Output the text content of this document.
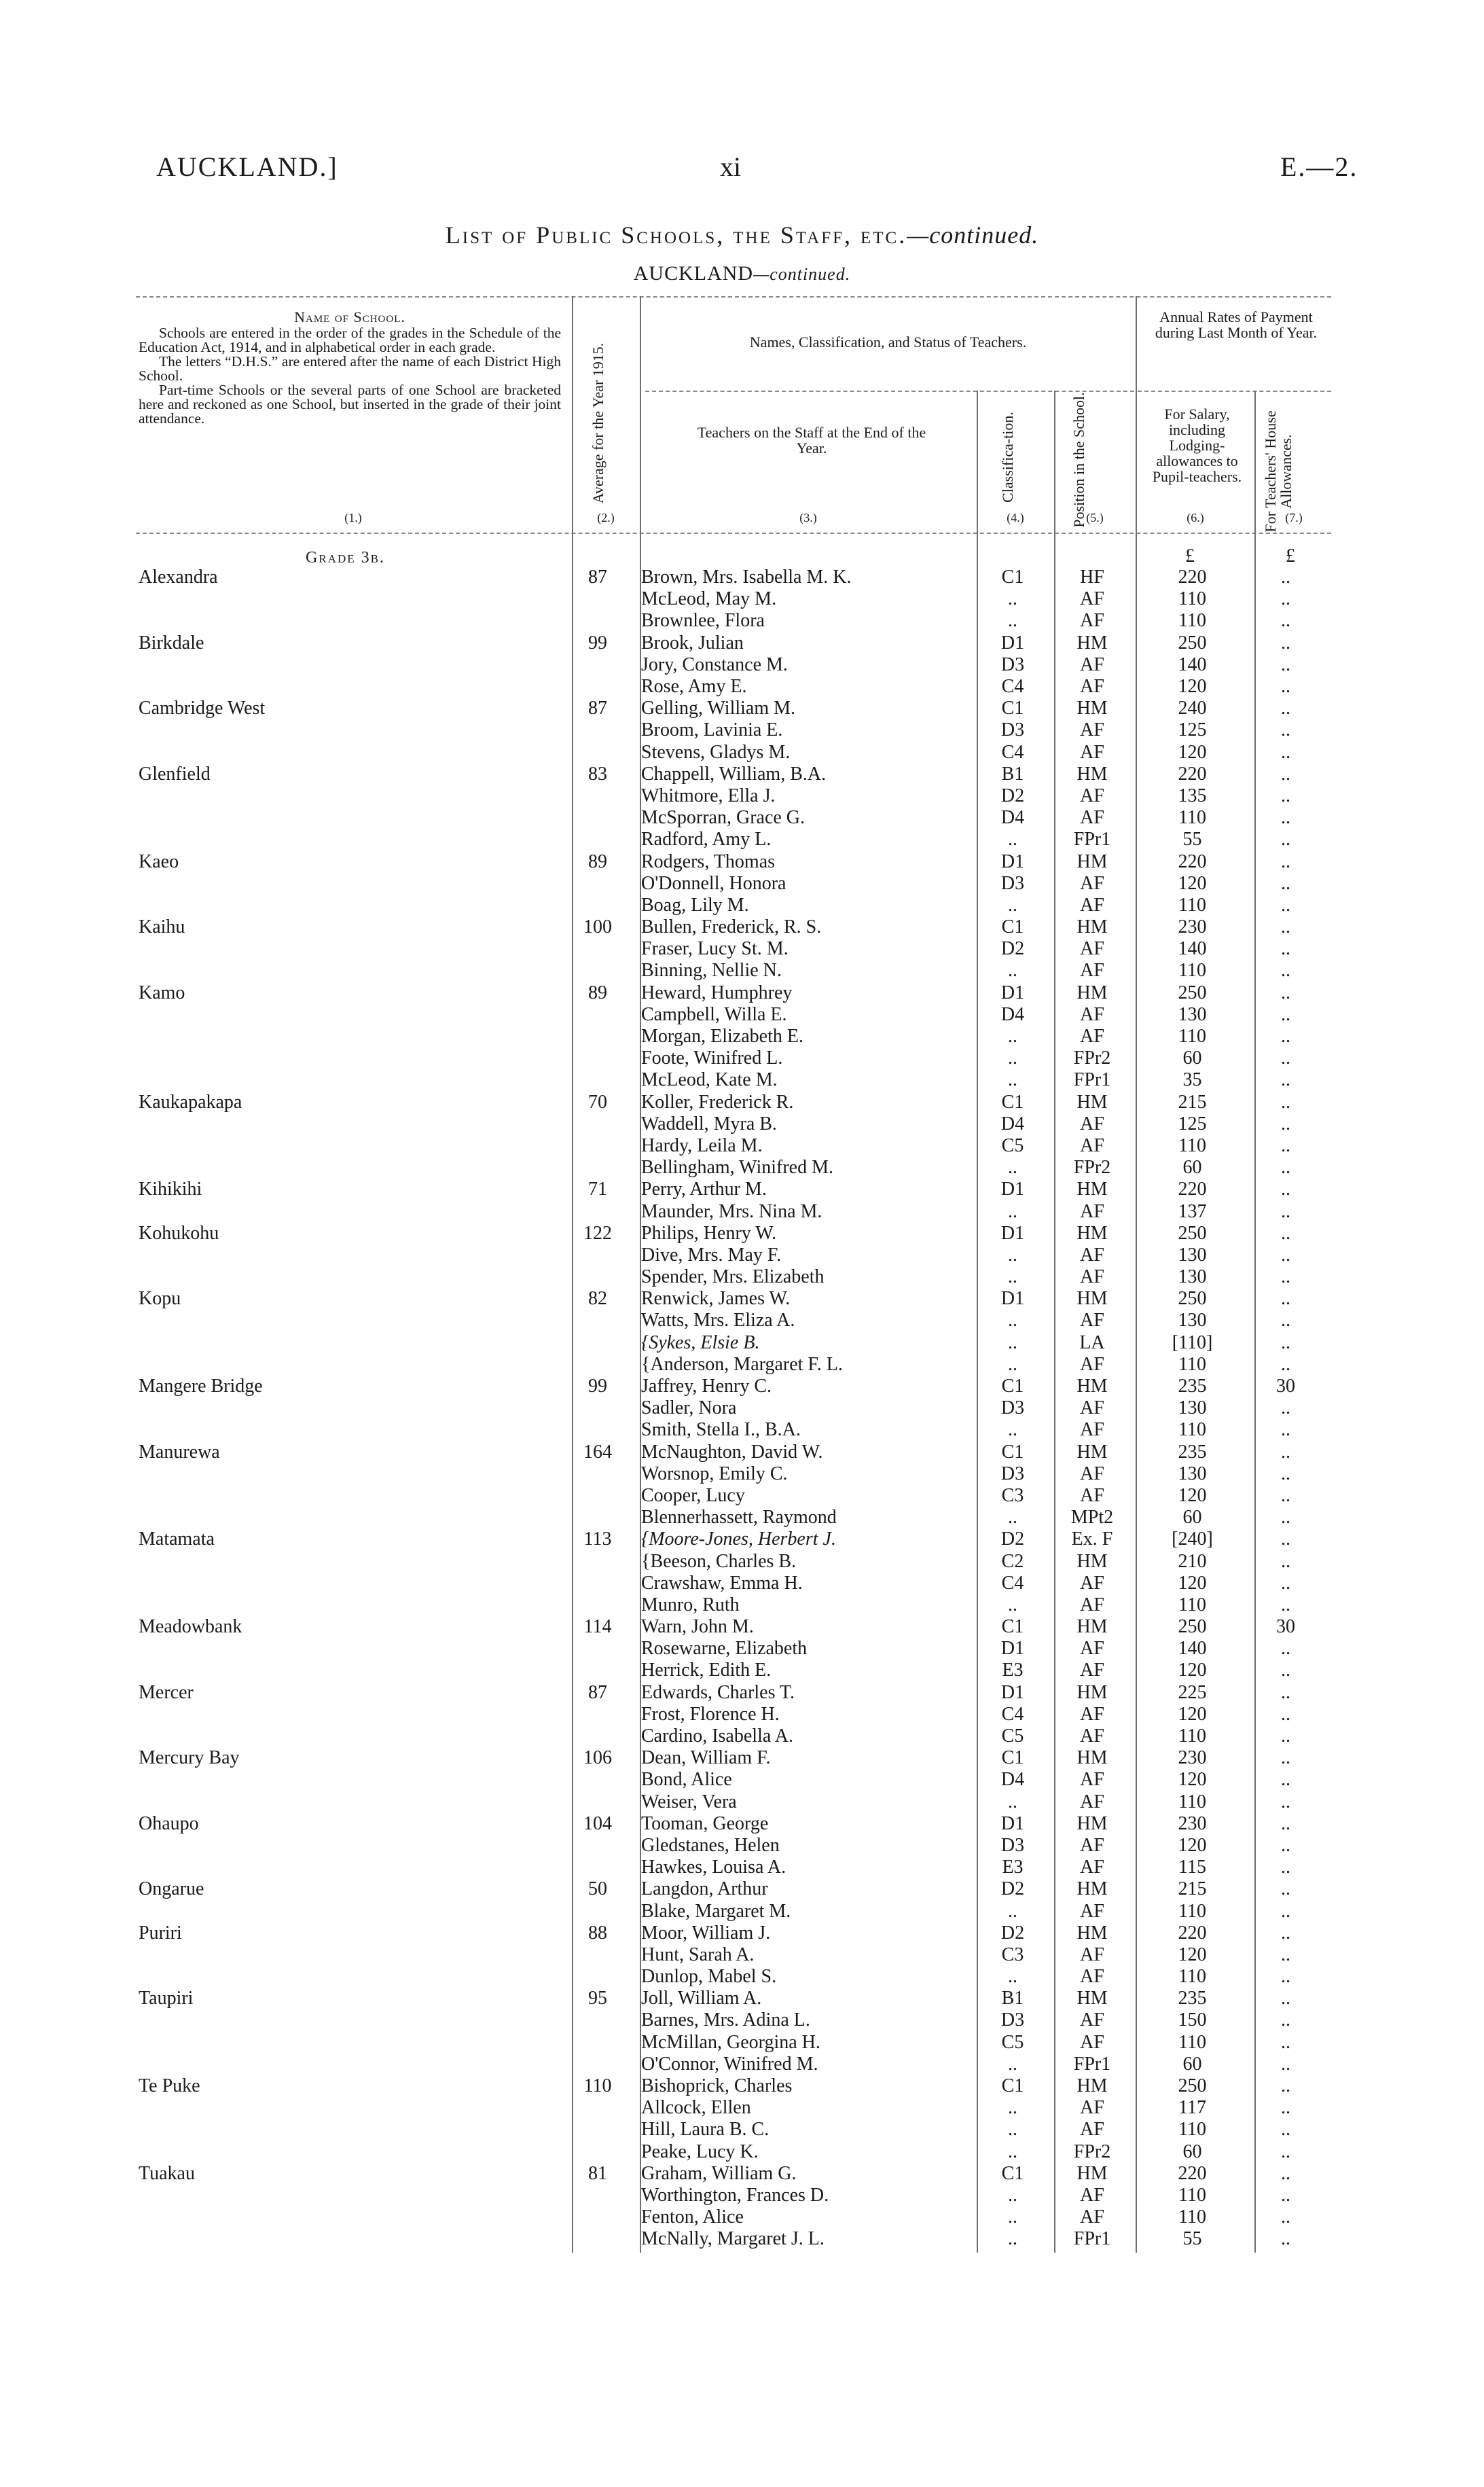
AUCKLAND.]	xi	E.—2.
List of Public Schools, the Staff, etc.—continued.
AUCKLAND—continued.
Name of School.

Schools are entered in the order of the grades in the Schedule of the Education Act, 1914, and in alphabetical order in each grade.

The letters “D.H.S.” are entered after the name of each District High School.

Part-time Schools or the several parts of one School are bracketed here and reckoned as one School, but inserted in the grade of their joint attendance.

(1.)
Average for the Year 1915.
(2.)
Names, Classification, and Status of Teachers.
Teachers on the Staff at the End of the Year.
(3.)
Classifica-tion.
(4.)	Position in the School.
(5.)
Annual Rates of Payment during Last Month of Year.
For Salary, including Lodging-allowances to Pupil-teachers.
(6.)	For Teachers' House Allowances.
(7.)
Grade 3b.	£	£
Alexandra	87	Brown, Mrs. Isabella M. K.	C1	HF	220	..
		McLeod, May M.	..	AF	110	..
		Brownlee, Flora	..	AF	110	..
Birkdale	99	Brook, Julian	D1	HM	250	..
		Jory, Constance M.	D3	AF	140	..
		Rose, Amy E.	C4	AF	120	..
Cambridge West	87	Gelling, William M.	C1	HM	240	..
		Broom, Lavinia E.	D3	AF	125	..
		Stevens, Gladys M.	C4	AF	120	..
Glenfield	83	Chappell, William, B.A.	B1	HM	220	..
		Whitmore, Ella J.	D2	AF	135	..
		McSporran, Grace G.	D4	AF	110	..
		Radford, Amy L.	..	FPr1	55	..
Kaeo	89	Rodgers, Thomas	D1	HM	220	..
		O'Donnell, Honora	D3	AF	120	..
		Boag, Lily M.	..	AF	110	..
Kaihu	100	Bullen, Frederick, R. S.	C1	HM	230	..
		Fraser, Lucy St. M.	D2	AF	140	..
		Binning, Nellie N.	..	AF	110	..
Kamo	89	Heward, Humphrey	D1	HM	250	..
		Campbell, Willa E.	D4	AF	130	..
		Morgan, Elizabeth E.	..	AF	110	..
		Foote, Winifred L.	..	FPr2	60	..
		McLeod, Kate M.	..	FPr1	35	..
Kaukapakapa	70	Koller, Frederick R.	C1	HM	215	..
		Waddell, Myra B.	D4	AF	125	..
		Hardy, Leila M.	C5	AF	110	..
		Bellingham, Winifred M.	..	FPr2	60	..
Kihikihi	71	Perry, Arthur M.	D1	HM	220	..
		Maunder, Mrs. Nina M.	..	AF	137	..
Kohukohu	122	Philips, Henry W.	D1	HM	250	..
		Dive, Mrs. May F.	..	AF	130	..
		Spender, Mrs. Elizabeth	..	AF	130	..
Kopu	82	Renwick, James W.	D1	HM	250	..
		Watts, Mrs. Eliza A.	..	AF	130	..
		{Sykes, Elsie B.	..	LA	[110]	..
		{Anderson, Margaret F. L.	..	AF	110	..
Mangere Bridge	99	Jaffrey, Henry C.	C1	HM	235	30
		Sadler, Nora	D3	AF	130	..
		Smith, Stella I., B.A.	..	AF	110	..
Manurewa	164	McNaughton, David W.	C1	HM	235	..
		Worsnop, Emily C.	D3	AF	130	..
		Cooper, Lucy	C3	AF	120	..
		Blennerhassett, Raymond	..	MPt2	60	..
Matamata	113	{Moore-Jones, Herbert J.	D2	Ex. F	[240]	..
		{Beeson, Charles B.	C2	HM	210	..
		Crawshaw, Emma H.	C4	AF	120	..
		Munro, Ruth	..	AF	110	..
Meadowbank	114	Warn, John M.	C1	HM	250	30
		Rosewarne, Elizabeth	D1	AF	140	..
		Herrick, Edith E.	E3	AF	120	..
Mercer	87	Edwards, Charles T.	D1	HM	225	..
		Frost, Florence H.	C4	AF	120	..
		Cardino, Isabella A.	C5	AF	110	..
Mercury Bay	106	Dean, William F.	C1	HM	230	..
		Bond, Alice	D4	AF	120	..
		Weiser, Vera	..	AF	110	..
Ohaupo	104	Tooman, George	D1	HM	230	..
		Gledstanes, Helen	D3	AF	120	..
		Hawkes, Louisa A.	E3	AF	115	..
Ongarue	50	Langdon, Arthur	D2	HM	215	..
		Blake, Margaret M.	..	AF	110	..
Puriri	88	Moor, William J.	D2	HM	220	..
		Hunt, Sarah A.	C3	AF	120	..
		Dunlop, Mabel S.	..	AF	110	..
Taupiri	95	Joll, William A.	B1	HM	235	..
		Barnes, Mrs. Adina L.	D3	AF	150	..
		McMillan, Georgina H.	C5	AF	110	..
		O'Connor, Winifred M.	..	FPr1	60	..
Te Puke	110	Bishoprick, Charles	C1	HM	250	..
		Allcock, Ellen	..	AF	117	..
		Hill, Laura B. C.	..	AF	110	..
		Peake, Lucy K.	..	FPr2	60	..
Tuakau	81	Graham, William G.	C1	HM	220	..
		Worthington, Frances D.	..	AF	110	..
		Fenton, Alice	..	AF	110	..
		McNally, Margaret J. L.	..	FPr1	55	..
